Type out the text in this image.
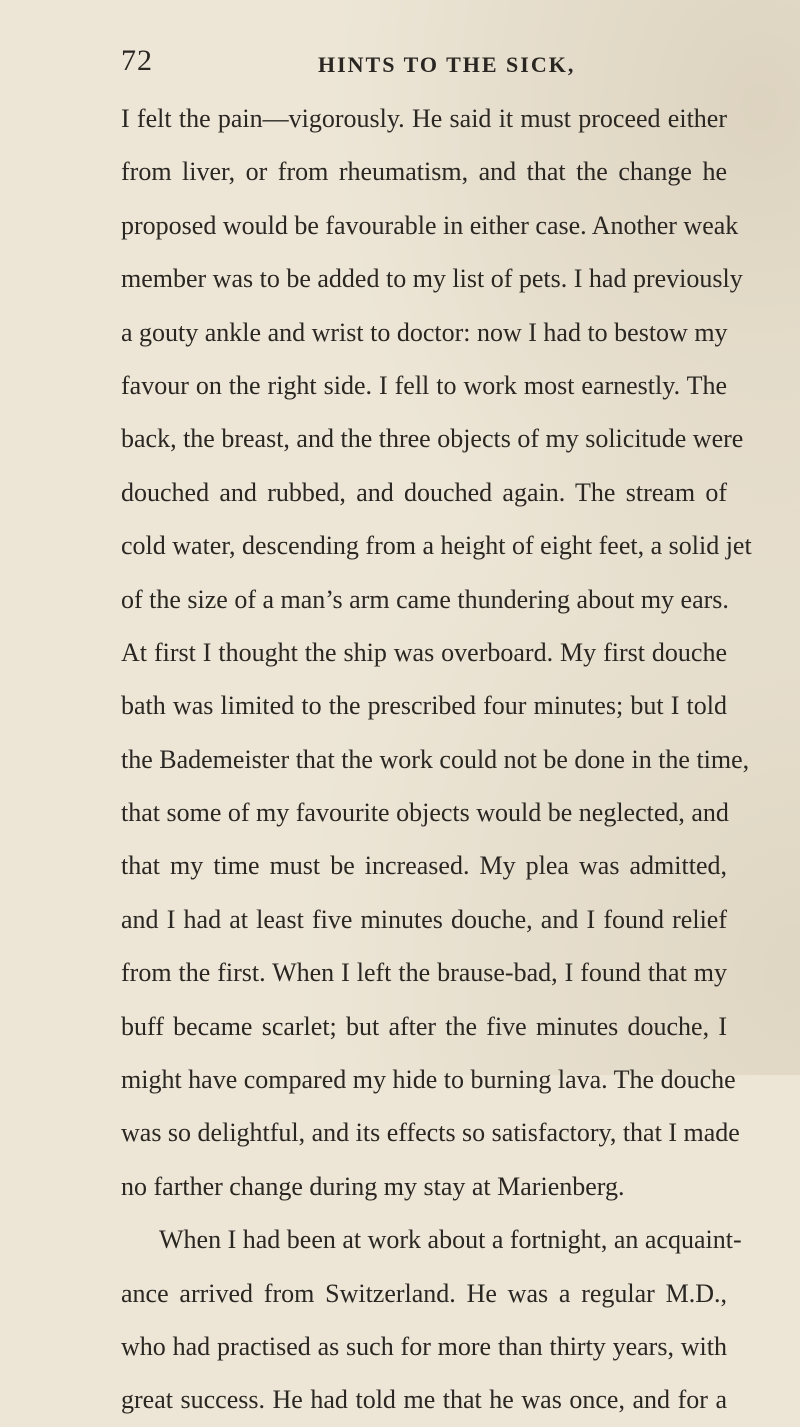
72	HINTS TO THE SICK,
I felt the pain—vigorously. He said it must proceed either
from liver, or from rheumatism, and that the change he
proposed would be favourable in either case. Another weak
member was to be added to my list of pets. I had previously
a gouty ankle and wrist to doctor: now I had to bestow my
favour on the right side. I fell to work most earnestly. The
back, the breast, and the three objects of my solicitude were
douched and rubbed, and douched again. The stream of
cold water, descending from a height of eight feet, a solid jet
of the size of a man’s arm came thundering about my ears.
At first I thought the ship was overboard. My first douche
bath was limited to the prescribed four minutes; but I told
the Bademeister that the work could not be done in the time,
that some of my favourite objects would be neglected, and
that my time must be increased. My plea was admitted,
and I had at least five minutes douche, and I found relief
from the first. When I left the brause-bad, I found that my
buff became scarlet; but after the five minutes douche, I
might have compared my hide to burning lava. The douche
was so delightful, and its effects so satisfactory, that I made
no farther change during my stay at Marienberg.
When I had been at work about a fortnight, an acquaint-
ance arrived from Switzerland. He was a regular M.D.,
who had practised as such for more than thirty years, with
great success. He had told me that he was once, and for a
